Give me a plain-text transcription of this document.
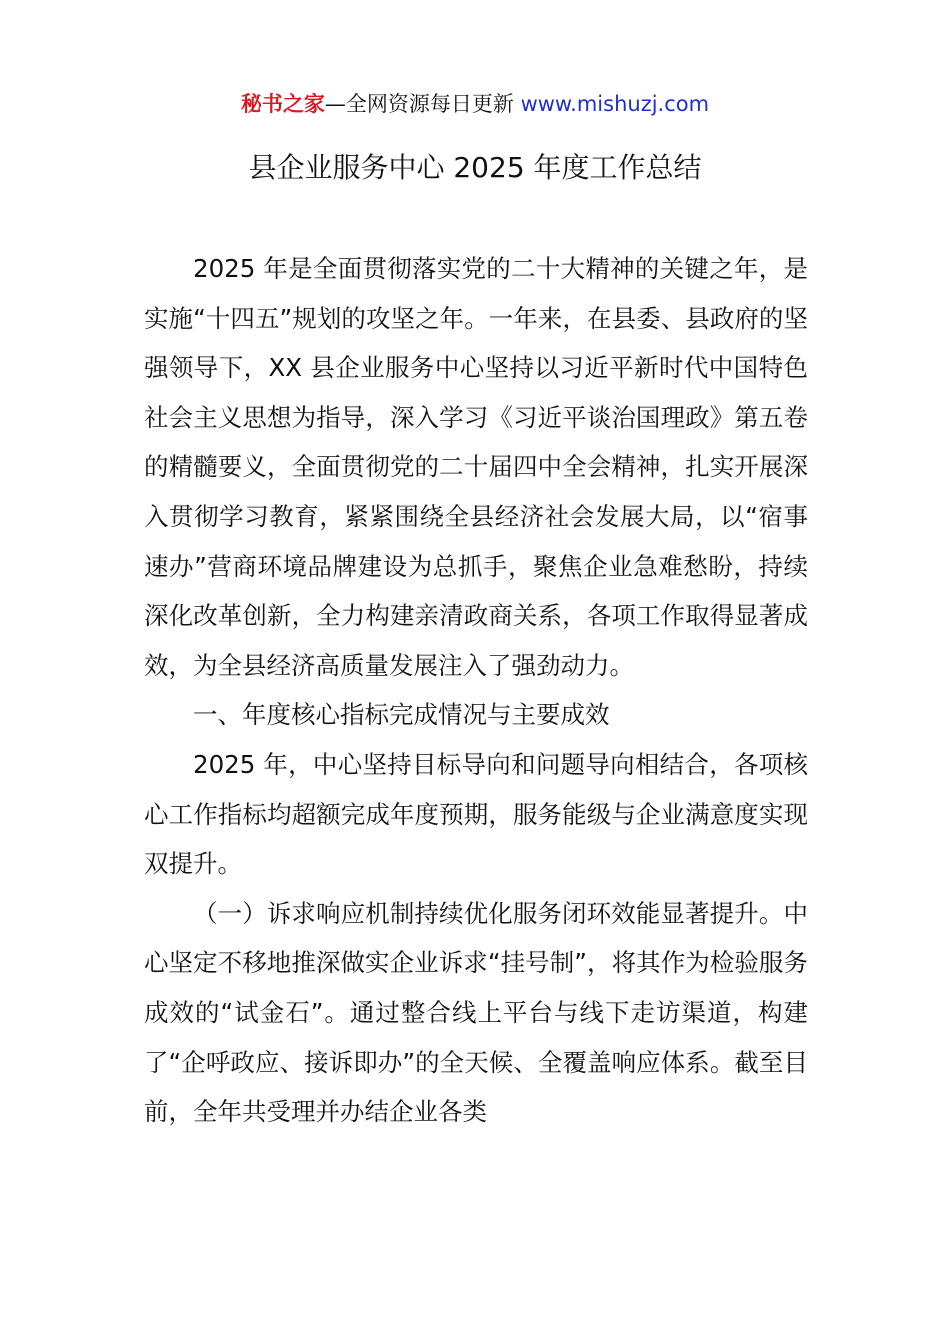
秘书之家—全网资源每日更新 www.mishuzj.com
县企业服务中心 2025 年度工作总结

2025 年是全面贯彻落实党的二十大精神的关键之年，是实施“十四五”规划的攻坚之年。一年来，在县委、县政府的坚强领导下，XX 县企业服务中心坚持以习近平新时代中国特色社会主义思想为指导，深入学习《习近平谈治国理政》第五卷的精髓要义，全面贯彻党的二十届四中全会精神，扎实开展深入贯彻学习教育，紧紧围绕全县经济社会发展大局，以“宿事速办”营商环境品牌建设为总抓手，聚焦企业急难愁盼，持续深化改革创新，全力构建亲清政商关系，各项工作取得显著成效，为全县经济高质量发展注入了强劲动力。

一、年度核心指标完成情况与主要成效

2025 年，中心坚持目标导向和问题导向相结合，各项核心工作指标均超额完成年度预期，服务能级与企业满意度实现双提升。

（一）诉求响应机制持续优化服务闭环效能显著提升。中心坚定不移地推深做实企业诉求“挂号制”，将其作为检验服务成效的“试金石”。通过整合线上平台与线下走访渠道，构建了“企呼政应、接诉即办”的全天候、全覆盖响应体系。截至目前，全年共受理并办结企业各类
